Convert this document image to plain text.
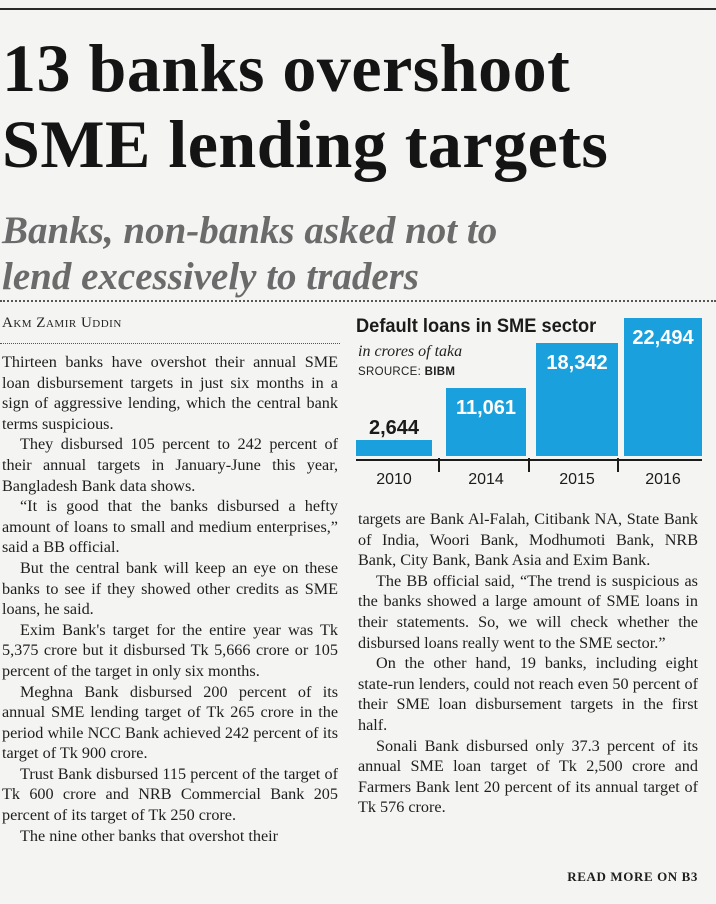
13 banks overshoot
SME lending targets
Banks, non-banks asked not to
lend excessively to traders
Akm Zamir Uddin
2,644
2010
11,061
2014
18,342
2015
22,494
2016
Default loans in SME sector
in crores of taka
SROURCE: BIBM

Thirteen banks have overshot their annual SME loan disbursement targets in just six months in a sign of aggressive lending, which the central bank terms suspicious.

They disbursed 105 percent to 242 percent of their annual targets in January-June this year, Bangladesh Bank data shows.

“It is good that the banks disbursed a hefty amount of loans to small and medium enterprises,” said a BB official.

But the central bank will keep an eye on these banks to see if they showed other credits as SME loans, he said.

Exim Bank's target for the entire year was Tk 5,375 crore but it disbursed Tk 5,666 crore or 105 percent of the target in only six months.

Meghna Bank disbursed 200 percent of its annual SME lending target of Tk 265 crore in the period while NCC Bank achieved 242 percent of its target of Tk 900 crore.

Trust Bank disbursed 115 percent of the target of Tk 600 crore and NRB Commercial Bank 205 percent of its target of Tk 250 crore.

The nine other banks that overshot their

targets are Bank Al-Falah, Citibank NA, State Bank of India, Woori Bank, Modhumoti Bank, NRB Bank, City Bank, Bank Asia and Exim Bank.

The BB official said, “The trend is suspicious as the banks showed a large amount of SME loans in their statements. So, we will check whether the disbursed loans really went to the SME sector.”

On the other hand, 19 banks, including eight state-run lenders, could not reach even 50 percent of their SME loan disbursement targets in the first half.

Sonali Bank disbursed only 37.3 percent of its annual SME loan target of Tk 2,500 crore and Farmers Bank lent 20 percent of its annual target of Tk 576 crore.

READ MORE ON B3
